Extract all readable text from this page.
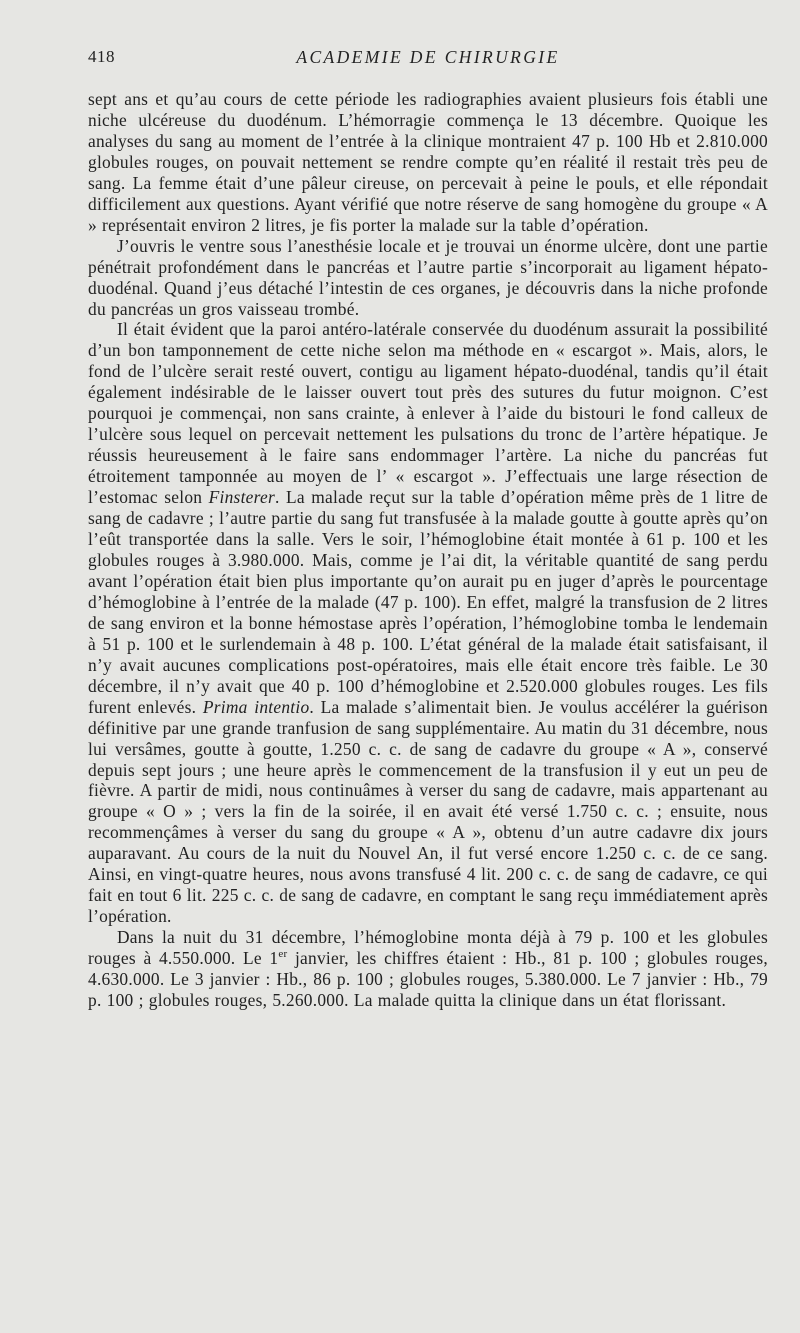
418	ACADEMIE DE CHIRURGIE

sept ans et qu’au cours de cette période les radiographies avaient plusieurs fois établi une niche ulcéreuse du duodénum. L’hémorragie commença le 13 décembre. Quoique les analyses du sang au moment de l’entrée à la clinique montraient 47 p. 100 Hb et 2.810.000 globules rouges, on pouvait nettement se rendre compte qu’en réalité il restait très peu de sang. La femme était d’une pâleur cireuse, on percevait à peine le pouls, et elle répondait difficilement aux questions. Ayant vérifié que notre réserve de sang homogène du groupe « A » représentait environ 2 litres, je fis porter la malade sur la table d’opération.

J’ouvris le ventre sous l’anesthésie locale et je trouvai un énorme ulcère, dont une partie pénétrait profondément dans le pancréas et l’autre partie s’incorporait au ligament hépato-duodénal. Quand j’eus détaché l’intestin de ces organes, je découvris dans la niche profonde du pancréas un gros vaisseau trombé.

Il était évident que la paroi antéro-latérale conservée du duodénum assurait la possibilité d’un bon tamponnement de cette niche selon ma méthode en « escargot ». Mais, alors, le fond de l’ulcère serait resté ouvert, contigu au ligament hépato-duodénal, tandis qu’il était également indésirable de le laisser ouvert tout près des sutures du futur moignon. C’est pourquoi je commençai, non sans crainte, à enlever à l’aide du bistouri le fond calleux de l’ulcère sous lequel on percevait nettement les pulsations du tronc de l’artère hépatique. Je réussis heureusement à le faire sans endommager l’artère. La niche du pancréas fut étroitement tamponnée au moyen de l’ « escargot ». J’effectuais une large résection de l’estomac selon Finsterer. La malade reçut sur la table d’opération même près de 1 litre de sang de cadavre ; l’autre partie du sang fut transfusée à la malade goutte à goutte après qu’on l’eût transportée dans la salle. Vers le soir, l’hémoglobine était montée à 61 p. 100 et les globules rouges à 3.980.000. Mais, comme je l’ai dit, la véritable quantité de sang perdu avant l’opération était bien plus importante qu’on aurait pu en juger d’après le pourcentage d’hémoglobine à l’entrée de la malade (47 p. 100). En effet, malgré la transfusion de 2 litres de sang environ et la bonne hémostase après l’opération, l’hémoglobine tomba le lendemain à 51 p. 100 et le surlendemain à 48 p. 100. L’état général de la malade était satisfaisant, il n’y avait aucunes complications post-opératoires, mais elle était encore très faible. Le 30 décembre, il n’y avait que 40 p. 100 d’hémoglobine et 2.520.000 globules rouges. Les fils furent enlevés. Prima intentio. La malade s’alimentait bien. Je voulus accélérer la guérison définitive par une grande tranfusion de sang supplémentaire. Au matin du 31 décembre, nous lui versâmes, goutte à goutte, 1.250 c. c. de sang de cadavre du groupe « A », conservé depuis sept jours ; une heure après le commencement de la transfusion il y eut un peu de fièvre. A partir de midi, nous continuâmes à verser du sang de cadavre, mais appartenant au groupe « O » ; vers la fin de la soirée, il en avait été versé 1.750 c. c. ; ensuite, nous recommençâmes à verser du sang du groupe « A », obtenu d’un autre cadavre dix jours auparavant. Au cours de la nuit du Nouvel An, il fut versé encore 1.250 c. c. de ce sang. Ainsi, en vingt-quatre heures, nous avons transfusé 4 lit. 200 c. c. de sang de cadavre, ce qui fait en tout 6 lit. 225 c. c. de sang de cadavre, en comptant le sang reçu immédiatement après l’opération.

Dans la nuit du 31 décembre, l’hémoglobine monta déjà à 79 p. 100 et les globules rouges à 4.550.000. Le 1er janvier, les chiffres étaient : Hb., 81 p. 100 ; globules rouges, 4.630.000. Le 3 janvier : Hb., 86 p. 100 ; globules rouges, 5.380.000. Le 7 janvier : Hb., 79 p. 100 ; globules rouges, 5.260.000. La malade quitta la clinique dans un état florissant.
